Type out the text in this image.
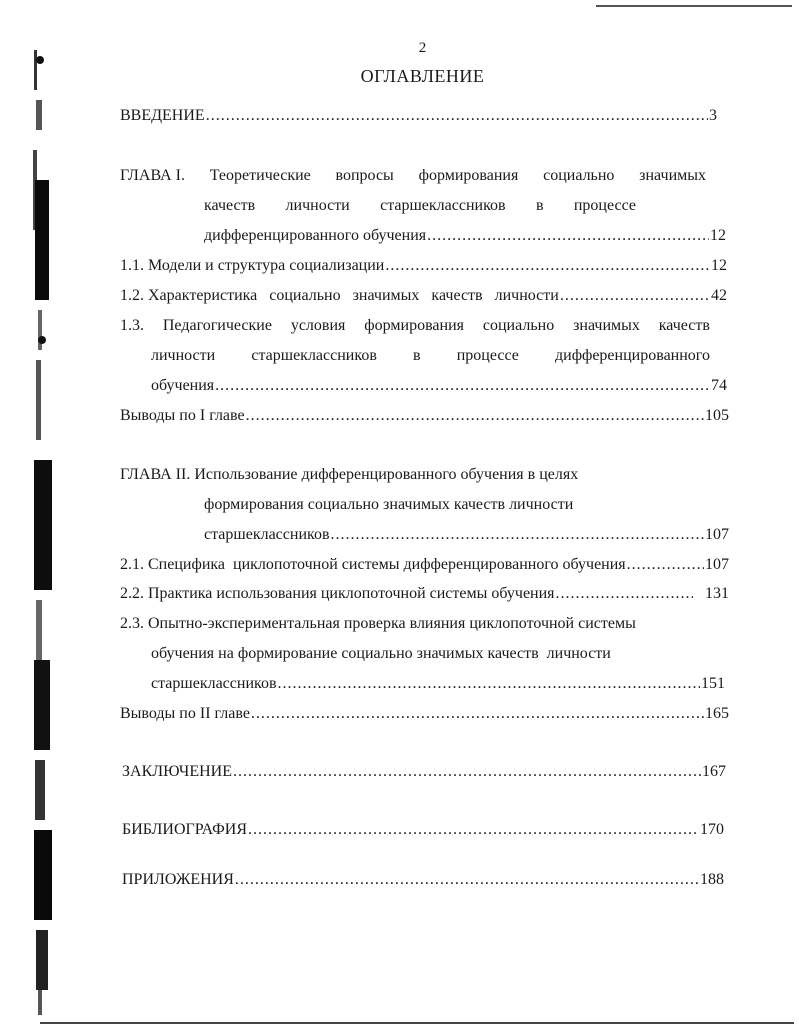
2
ОГЛАВЛЕНИЕ
ВВЕДЕНИЕ .....	3
ГЛАВА I. Теоретические вопросы формирования социально значимых
качеств личности старшеклассников в процессе
дифференцированного обучения .....	12
1.1. Модели и структура социализации .....	12
1.2. Характеристика   социально   значимых   качеств   личности .....	42
1.3. Педагогические условия формирования социально значимых качеств
личности старшеклассников в процессе дифференцированного
обучения .....	74
Выводы по I главе .....	105
ГЛАВА II. Использование дифференцированного обучения в целях
формирования социально значимых качеств личности
старшеклассников .....	107
2.1. Специфика  циклопоточной системы дифференцированного обучения .....	107
2.2. Практика использования циклопоточной системы обучения .....	131
2.3. Опытно-экспериментальная проверка влияния циклопоточной системы
обучения на формирование социально значимых качеств  личности
старшеклассников .....	151
Выводы по II главе .....	165
ЗАКЛЮЧЕНИЕ .....	167
БИБЛИОГРАФИЯ .....	170
ПРИЛОЖЕНИЯ .....	188
